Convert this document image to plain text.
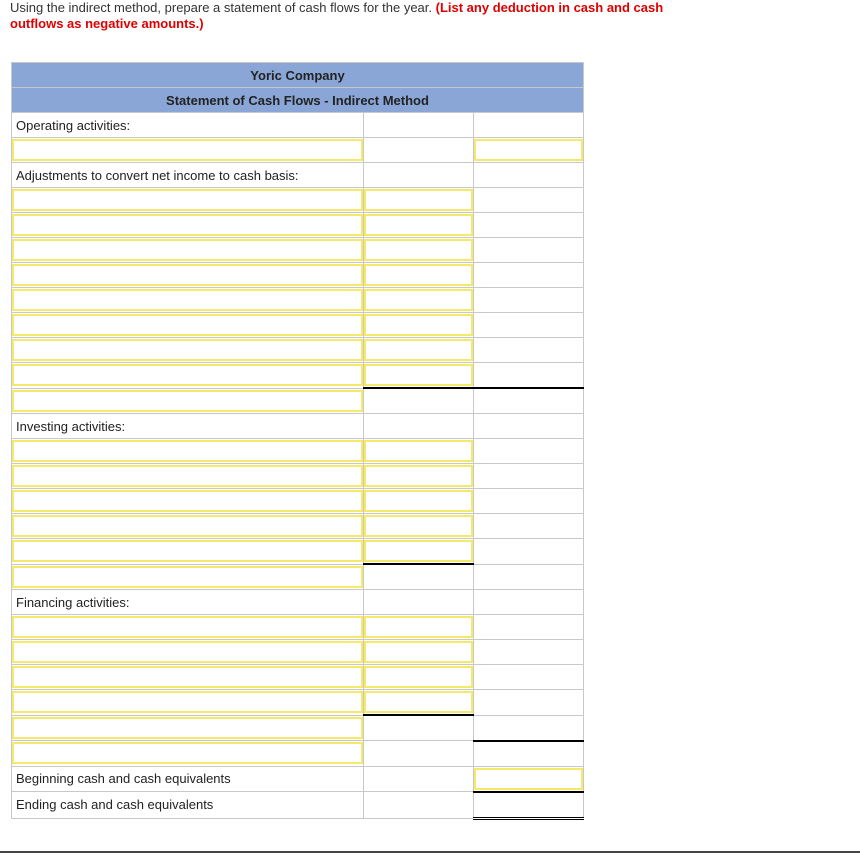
Using the indirect method, prepare a statement of cash flows for the year. (List any deduction in cash and cash outflows as negative amounts.)
Yoric Company		
Statement of Cash Flows - Indirect Method		
Operating activities:		

Adjustments to convert net income to cash basis:		

Investing activities:		

Financing activities:		

Beginning cash and cash equivalents		

Ending cash and cash equivalents		
